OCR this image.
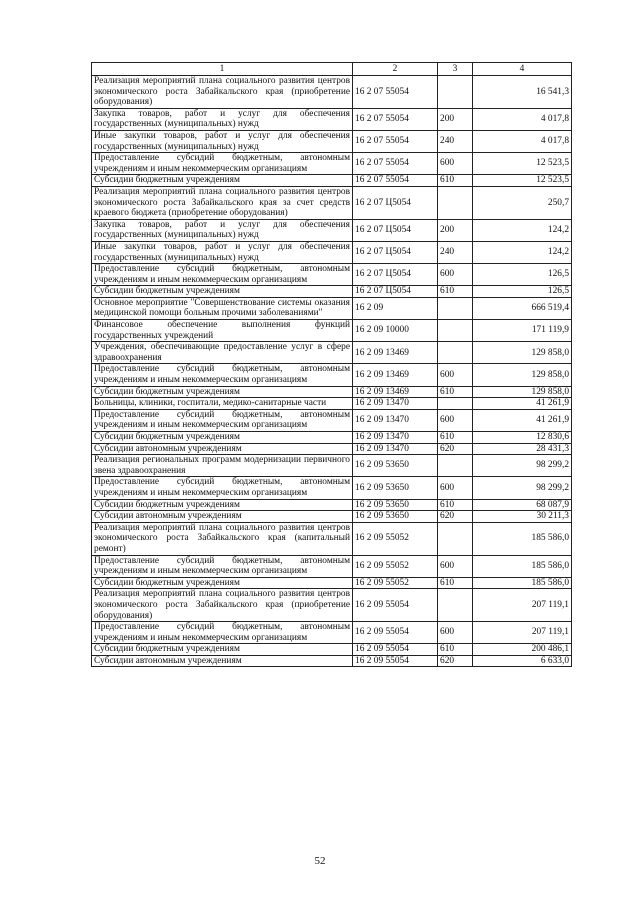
1	2	3	4
Реализация мероприятий плана социального развития центров экономического роста Забайкальского края (приобретение оборудования)	16 2 07 55054		16 541,3
Закупка товаров, работ и услуг для обеспечения государственных (муниципальных) нужд	16 2 07 55054	200	4 017,8
Иные закупки товаров, работ и услуг для обеспечения государственных (муниципальных) нужд	16 2 07 55054	240	4 017,8
Предоставление субсидий бюджетным, автономным учреждениям и иным некоммерческим организациям	16 2 07 55054	600	12 523,5
Субсидии бюджетным учреждениям	16 2 07 55054	610	12 523,5
Реализация мероприятий плана социального развития центров экономического роста Забайкальского края за счет средств краевого бюджета (приобретение оборудования)	16 2 07 Ц5054		250,7
Закупка товаров, работ и услуг для обеспечения государственных (муниципальных) нужд	16 2 07 Ц5054	200	124,2
Иные закупки товаров, работ и услуг для обеспечения государственных (муниципальных) нужд	16 2 07 Ц5054	240	124,2
Предоставление субсидий бюджетным, автономным учреждениям и иным некоммерческим организациям	16 2 07 Ц5054	600	126,5
Субсидии бюджетным учреждениям	16 2 07 Ц5054	610	126,5
Основное мероприятие "Совершенствование системы оказания медицинской помощи больным прочими заболеваниями"	16 2 09		666 519,4
Финансовое обеспечение выполнения функций государственных учреждений	16 2 09 10000		171 119,9
Учреждения, обеспечивающие предоставление услуг в сфере здравоохранения	16 2 09 13469		129 858,0
Предоставление субсидий бюджетным, автономным учреждениям и иным некоммерческим организациям	16 2 09 13469	600	129 858,0
Субсидии бюджетным учреждениям	16 2 09 13469	610	129 858,0
Больницы, клиники, госпитали, медико-санитарные части	16 2 09 13470		41 261,9
Предоставление субсидий бюджетным, автономным учреждениям и иным некоммерческим организациям	16 2 09 13470	600	41 261,9
Субсидии бюджетным учреждениям	16 2 09 13470	610	12 830,6
Субсидии автономным учреждениям	16 2 09 13470	620	28 431,3
Реализация региональных программ модернизации первичного звена здравоохранения	16 2 09 53650		98 299,2
Предоставление субсидий бюджетным, автономным учреждениям и иным некоммерческим организациям	16 2 09 53650	600	98 299,2
Субсидии бюджетным учреждениям	16 2 09 53650	610	68 087,9
Субсидии автономным учреждениям	16 2 09 53650	620	30 211,3
Реализация мероприятий плана социального развития центров экономического роста Забайкальского края (капитальный ремонт)	16 2 09 55052		185 586,0
Предоставление субсидий бюджетным, автономным учреждениям и иным некоммерческим организациям	16 2 09 55052	600	185 586,0
Субсидии бюджетным учреждениям	16 2 09 55052	610	185 586,0
Реализация мероприятий плана социального развития центров экономического роста Забайкальского края (приобретение оборудования)	16 2 09 55054		207 119,1
Предоставление субсидий бюджетным, автономным учреждениям и иным некоммерческим организациям	16 2 09 55054	600	207 119,1
Субсидии бюджетным учреждениям	16 2 09 55054	610	200 486,1
Субсидии автономным учреждениям	16 2 09 55054	620	6 633,0
52
